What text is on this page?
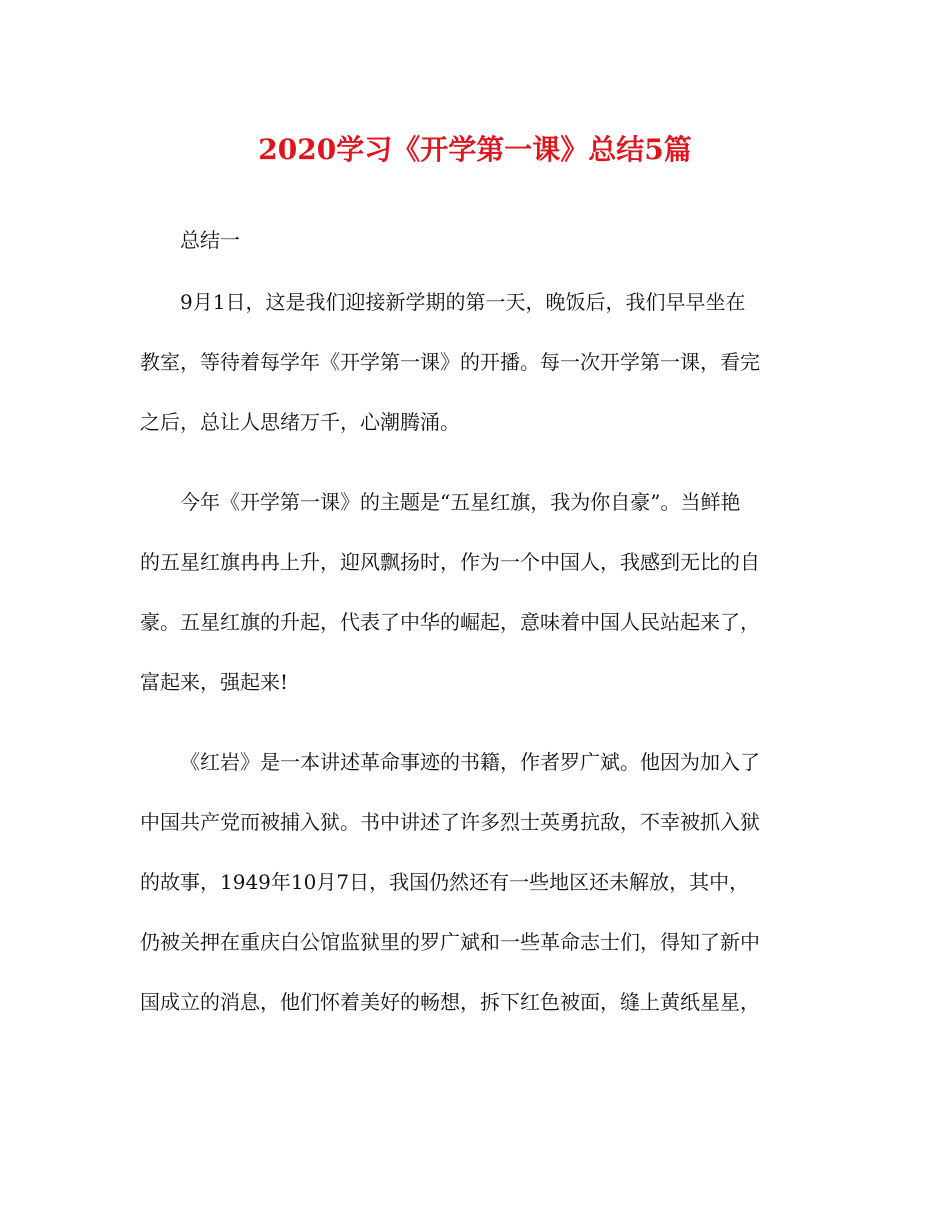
2020学习《开学第一课》总结5篇
总结一
9月1日，这是我们迎接新学期的第一天，晚饭后，我们早早坐在
教室，等待着每学年《开学第一课》的开播。每一次开学第一课，看完
之后，总让人思绪万千，心潮腾涌。
今年《开学第一课》的主题是“五星红旗，我为你自豪”。当鲜艳
的五星红旗冉冉上升，迎风飘扬时，作为一个中国人，我感到无比的自
豪。五星红旗的升起，代表了中华的崛起，意味着中国人民站起来了，
富起来，强起来!
《红岩》是一本讲述革命事迹的书籍，作者罗广斌。他因为加入了
中国共产党而被捕入狱。书中讲述了许多烈士英勇抗敌，不幸被抓入狱
的故事，1949年10月7日，我国仍然还有一些地区还未解放，其中，
仍被关押在重庆白公馆监狱里的罗广斌和一些革命志士们，得知了新中
国成立的消息，他们怀着美好的畅想，拆下红色被面，缝上黄纸星星，
